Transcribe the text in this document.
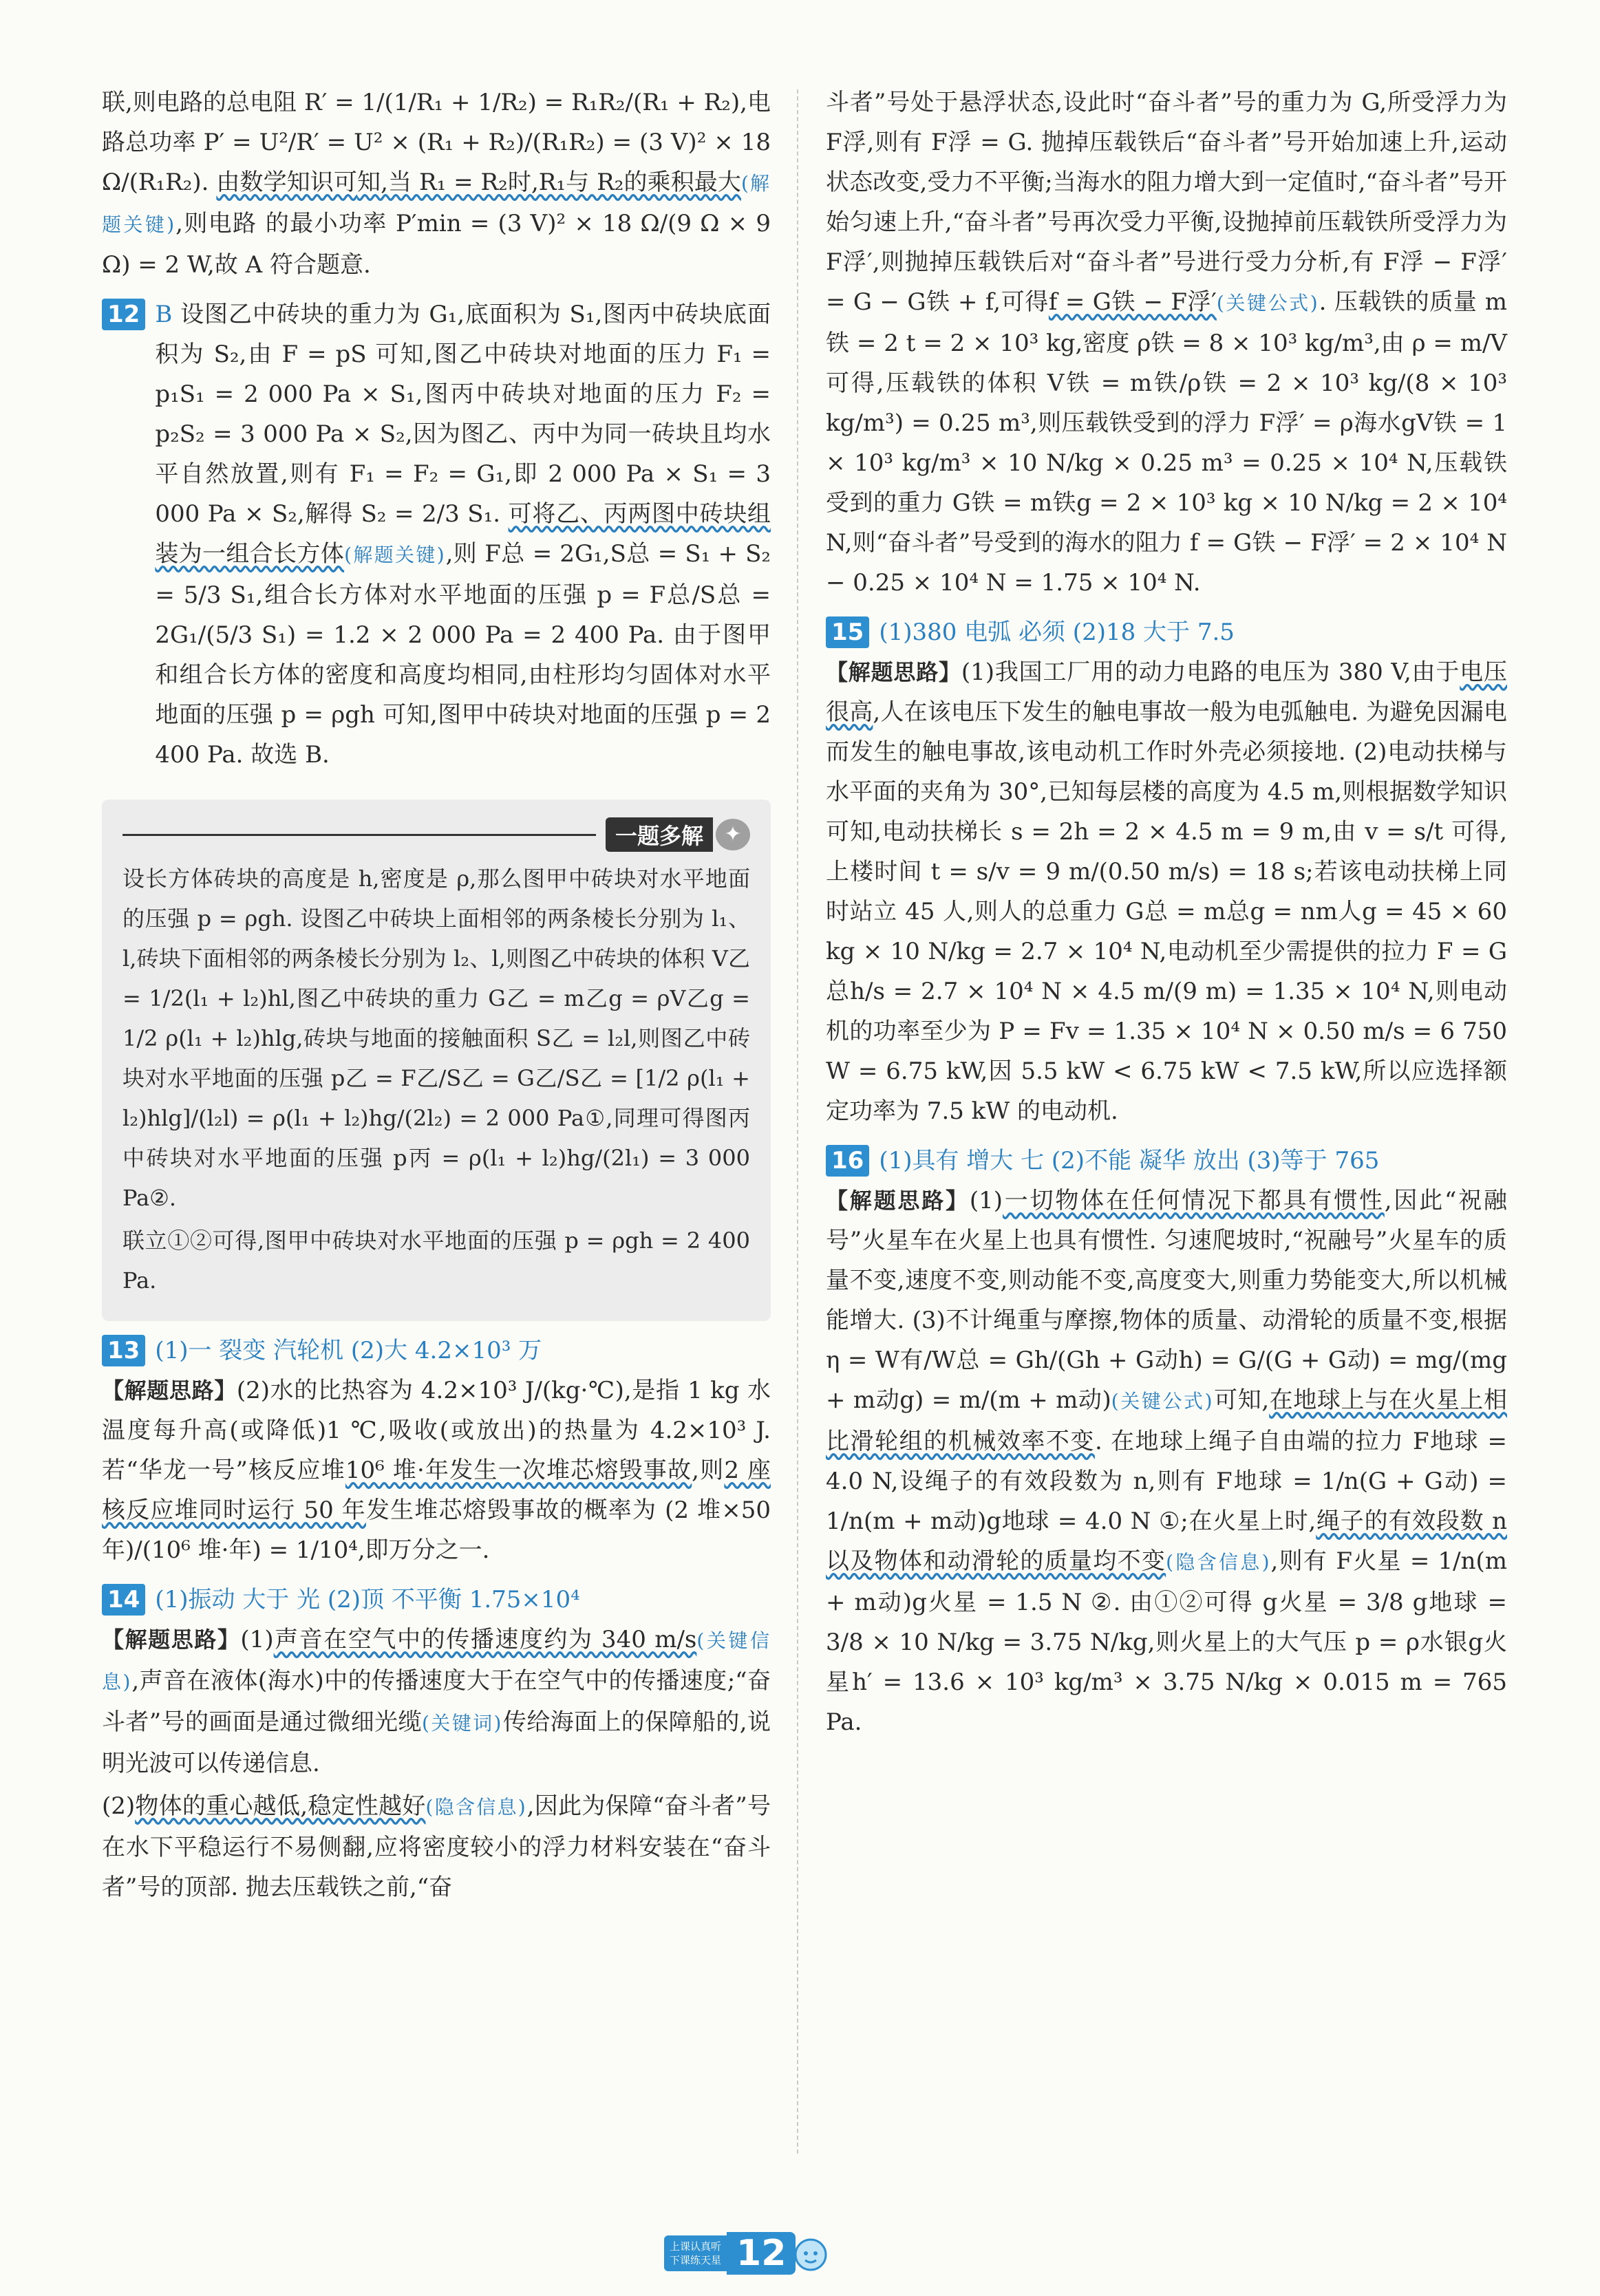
联,则电路的总电阻 R′ = 1/(1/R₁ + 1/R₂) = R₁R₂/(R₁ + R₂),电路总功率 P′ = U²/R′ = U² × (R₁ + R₂)/(R₁R₂) = (3 V)² × 18 Ω/(R₁R₂). 由数学知识可知,当 R₁ = R₂时,R₁与 R₂的乘积最大(解题关键),则电路 的最小功率 P′min = (3 V)² × 18 Ω/(9 Ω × 9 Ω) = 2 W,故 A 符合题意.

12 B 设图乙中砖块的重力为 G₁,底面积为 S₁,图丙中砖块底面积为 S₂,由 F = pS 可知,图乙中砖块对地面的压力 F₁ = p₁S₁ = 2 000 Pa × S₁,图丙中砖块对地面的压力 F₂ = p₂S₂ = 3 000 Pa × S₂,因为图乙、丙中为同一砖块且均水平自然放置,则有 F₁ = F₂ = G₁,即 2 000 Pa × S₁ = 3 000 Pa × S₂,解得 S₂ = 2/3 S₁. 可将乙、丙两图中砖块组装为一组合长方体(解题关键),则 F总 = 2G₁,S总 = S₁ + S₂ = 5/3 S₁,组合长方体对水平地面的压强 p = F总/S总 = 2G₁/(5/3 S₁) = 1.2 × 2 000 Pa = 2 400 Pa. 由于图甲和组合长方体的密度和高度均相同,由柱形均匀固体对水平地面的压强 p = ρgh 可知,图甲中砖块对地面的压强 p = 2 400 Pa. 故选 B.

一题多解	✦

设长方体砖块的高度是 h,密度是 ρ,那么图甲中砖块对水平地面的压强 p = ρgh. 设图乙中砖块上面相邻的两条棱长分别为 l₁、l,砖块下面相邻的两条棱长分别为 l₂、l,则图乙中砖块的体积 V乙 = 1/2(l₁ + l₂)hl,图乙中砖块的重力 G乙 = m乙g = ρV乙g = 1/2 ρ(l₁ + l₂)hlg,砖块与地面的接触面积 S乙 = l₂l,则图乙中砖块对水平地面的压强 p乙 = F乙/S乙 = G乙/S乙 = [1/2 ρ(l₁ + l₂)hlg]/(l₂l) = ρ(l₁ + l₂)hg/(2l₂) = 2 000 Pa①,同理可得图丙中砖块对水平地面的压强 p丙 = ρ(l₁ + l₂)hg/(2l₁) = 3 000 Pa②.

联立①②可得,图甲中砖块对水平地面的压强 p = ρgh = 2 400 Pa.

13 (1)一 裂变 汽轮机 (2)大 4.2×10³ 万

【解题思路】(2)水的比热容为 4.2×10³ J/(kg·℃),是指 1 kg 水温度每升高(或降低)1 ℃,吸收(或放出)的热量为 4.2×10³ J. 若“华龙一号”核反应堆10⁶ 堆·年发生一次堆芯熔毁事故,则2 座核反应堆同时运行 50 年发生堆芯熔毁事故的概率为 (2 堆×50 年)/(10⁶ 堆·年) = 1/10⁴,即万分之一.

14 (1)振动 大于 光 (2)顶 不平衡 1.75×10⁴

【解题思路】(1)声音在空气中的传播速度约为 340 m/s(关键信息),声音在液体(海水)中的传播速度大于在空气中的传播速度;“奋斗者”号的画面是通过微细光缆(关键词)传给海面上的保障船的,说明光波可以传递信息.

(2)物体的重心越低,稳定性越好(隐含信息),因此为保障“奋斗者”号在水下平稳运行不易侧翻,应将密度较小的浮力材料安装在“奋斗者”号的顶部. 抛去压载铁之前,“奋

斗者”号处于悬浮状态,设此时“奋斗者”号的重力为 G,所受浮力为 F浮,则有 F浮 = G. 抛掉压载铁后“奋斗者”号开始加速上升,运动状态改变,受力不平衡;当海水的阻力增大到一定值时,“奋斗者”号开始匀速上升,“奋斗者”号再次受力平衡,设抛掉前压载铁所受浮力为 F浮′,则抛掉压载铁后对“奋斗者”号进行受力分析,有 F浮 − F浮′ = G − G铁 + f,可得f = G铁 − F浮′(关键公式). 压载铁的质量 m铁 = 2 t = 2 × 10³ kg,密度 ρ铁 = 8 × 10³ kg/m³,由 ρ = m/V 可得,压载铁的体积 V铁 = m铁/ρ铁 = 2 × 10³ kg/(8 × 10³ kg/m³) = 0.25 m³,则压载铁受到的浮力 F浮′ = ρ海水gV铁 = 1 × 10³ kg/m³ × 10 N/kg × 0.25 m³ = 0.25 × 10⁴ N,压载铁受到的重力 G铁 = m铁g = 2 × 10³ kg × 10 N/kg = 2 × 10⁴ N,则“奋斗者”号受到的海水的阻力 f = G铁 − F浮′ = 2 × 10⁴ N − 0.25 × 10⁴ N = 1.75 × 10⁴ N.

15 (1)380 电弧 必须 (2)18 大于 7.5

【解题思路】(1)我国工厂用的动力电路的电压为 380 V,由于电压很高,人在该电压下发生的触电事故一般为电弧触电. 为避免因漏电而发生的触电事故,该电动机工作时外壳必须接地. (2)电动扶梯与水平面的夹角为 30°,已知每层楼的高度为 4.5 m,则根据数学知识可知,电动扶梯长 s = 2h = 2 × 4.5 m = 9 m,由 v = s/t 可得,上楼时间 t = s/v = 9 m/(0.50 m/s) = 18 s;若该电动扶梯上同时站立 45 人,则人的总重力 G总 = m总g = nm人g = 45 × 60 kg × 10 N/kg = 2.7 × 10⁴ N,电动机至少需提供的拉力 F = G总h/s = 2.7 × 10⁴ N × 4.5 m/(9 m) = 1.35 × 10⁴ N,则电动机的功率至少为 P = Fv = 1.35 × 10⁴ N × 0.50 m/s = 6 750 W = 6.75 kW,因 5.5 kW < 6.75 kW < 7.5 kW,所以应选择额定功率为 7.5 kW 的电动机.

16 (1)具有 增大 七 (2)不能 凝华 放出 (3)等于 765

【解题思路】(1)一切物体在任何情况下都具有惯性,因此“祝融号”火星车在火星上也具有惯性. 匀速爬坡时,“祝融号”火星车的质量不变,速度不变,则动能不变,高度变大,则重力势能变大,所以机械能增大. (3)不计绳重与摩擦,物体的质量、动滑轮的质量不变,根据 η = W有/W总 = Gh/(Gh + G动h) = G/(G + G动) = mg/(mg + m动g) = m/(m + m动)(关键公式)可知,在地球上与在火星上相比滑轮组的机械效率不变. 在地球上绳子自由端的拉力 F地球 = 4.0 N,设绳子的有效段数为 n,则有 F地球 = 1/n(G + G动) = 1/n(m + m动)g地球 = 4.0 N ①;在火星上时,绳子的有效段数 n 以及物体和动滑轮的质量均不变(隐含信息),则有 F火星 = 1/n(m + m动)g火星 = 1.5 N ②. 由①②可得 g火星 = 3/8 g地球 = 3/8 × 10 N/kg = 3.75 N/kg,则火星上的大气压 p = ρ水银g火星h′ = 13.6 × 10³ kg/m³ × 3.75 N/kg × 0.015 m = 765 Pa.

上课认真听
下课练天星 12
